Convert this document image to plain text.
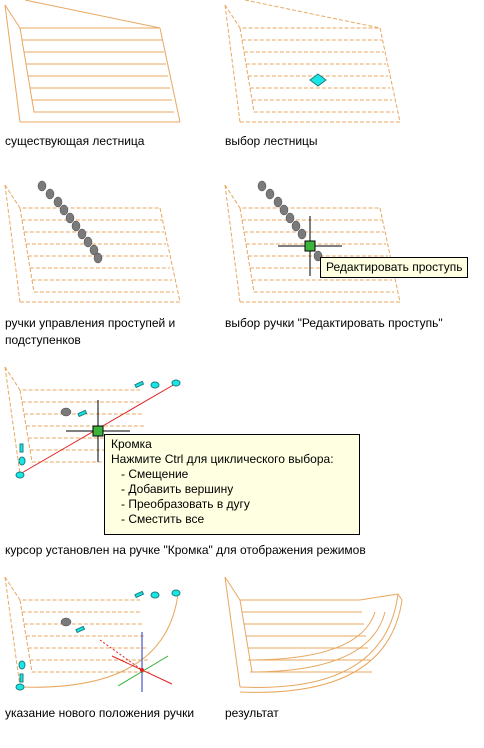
существующая лестница	выбор лестницы
ручки управления проступей и подступенков
Редактировать проступь
выбор ручки "Редактировать проступь"
Кромка
Нажмите Ctrl для циклического выбора:
- Смещение
- Добавить вершину
- Преобразовать в дугу
- Сместить все
курсор установлен на ручке "Кромка" для отображения режимов
указание нового положения ручки	результат
